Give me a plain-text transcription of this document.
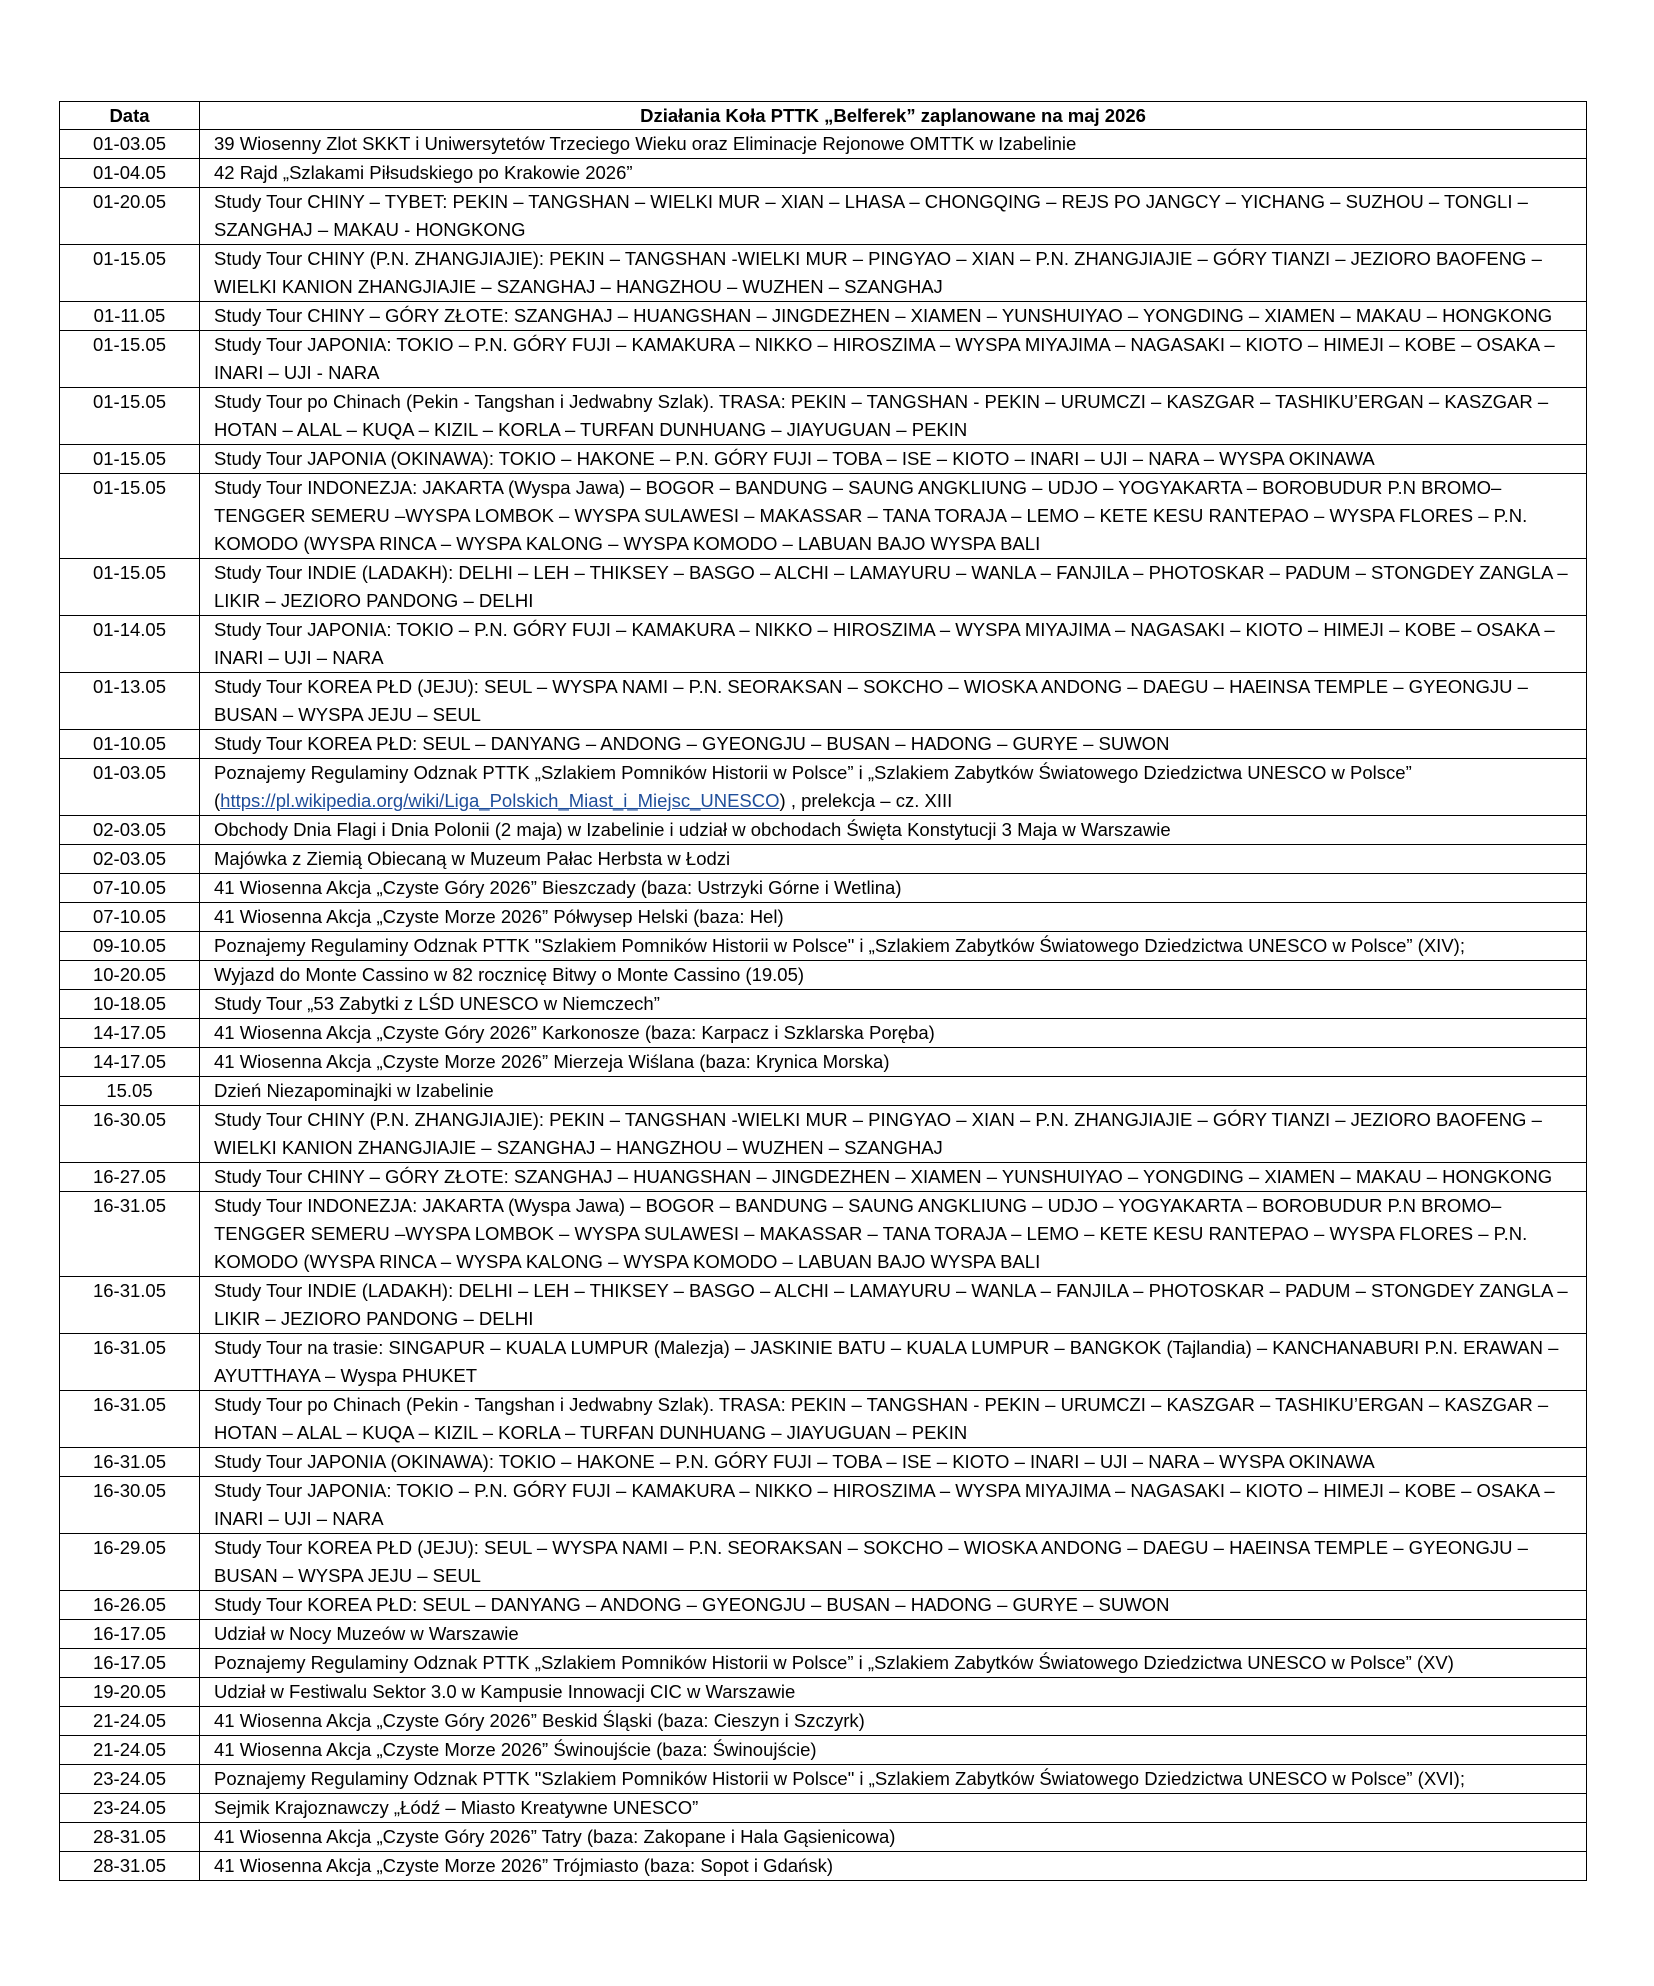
Data	Działania Koła PTTK „Belferek” zaplanowane na maj 2026
01-03.05	39 Wiosenny Zlot SKKT i Uniwersytetów Trzeciego Wieku oraz Eliminacje Rejonowe OMTTK w Izabelinie
01-04.05	42 Rajd „Szlakami Piłsudskiego po Krakowie 2026”
01-20.05	Study Tour CHINY – TYBET: PEKIN – TANGSHAN – WIELKI MUR – XIAN – LHASA – CHONGQING – REJS PO JANGCY – YICHANG – SUZHOU – TONGLI – SZANGHAJ – MAKAU - HONGKONG
01-15.05	Study Tour CHINY (P.N. ZHANGJIAJIE): PEKIN – TANGSHAN -WIELKI MUR – PINGYAO – XIAN – P.N. ZHANGJIAJIE – GÓRY TIANZI – JEZIORO BAOFENG – WIELKI KANION ZHANGJIAJIE – SZANGHAJ – HANGZHOU – WUZHEN – SZANGHAJ
01-11.05	Study Tour CHINY – GÓRY ZŁOTE: SZANGHAJ – HUANGSHAN – JINGDEZHEN – XIAMEN – YUNSHUIYAO – YONGDING – XIAMEN – MAKAU – HONGKONG
01-15.05	Study Tour JAPONIA: TOKIO – P.N. GÓRY FUJI – KAMAKURA – NIKKO – HIROSZIMA – WYSPA MIYAJIMA – NAGASAKI – KIOTO – HIMEJI – KOBE – OSAKA – INARI – UJI - NARA
01-15.05	Study Tour po Chinach (Pekin - Tangshan i Jedwabny Szlak). TRASA: PEKIN – TANGSHAN - PEKIN – URUMCZI – KASZGAR – TASHIKU’ERGAN – KASZGAR – HOTAN – ALAL – KUQA – KIZIL – KORLA – TURFAN DUNHUANG – JIAYUGUAN – PEKIN
01-15.05	Study Tour JAPONIA (OKINAWA): TOKIO – HAKONE – P.N. GÓRY FUJI – TOBA – ISE – KIOTO – INARI – UJI – NARA – WYSPA OKINAWA
01-15.05	Study Tour INDONEZJA: JAKARTA (Wyspa Jawa) – BOGOR – BANDUNG – SAUNG ANGKLIUNG – UDJO – YOGYAKARTA – BOROBUDUR P.N BROMO– TENGGER SEMERU –WYSPA LOMBOK – WYSPA SULAWESI – MAKASSAR – TANA TORAJA – LEMO – KETE KESU RANTEPAO – WYSPA FLORES – P.N. KOMODO (WYSPA RINCA – WYSPA KALONG – WYSPA KOMODO – LABUAN BAJO WYSPA BALI
01-15.05	Study Tour INDIE (LADAKH): DELHI – LEH – THIKSEY – BASGO – ALCHI – LAMAYURU – WANLA – FANJILA – PHOTOSKAR – PADUM – STONGDEY ZANGLA – LIKIR – JEZIORO PANDONG – DELHI
01-14.05	Study Tour JAPONIA: TOKIO – P.N. GÓRY FUJI – KAMAKURA – NIKKO – HIROSZIMA – WYSPA MIYAJIMA – NAGASAKI – KIOTO – HIMEJI – KOBE – OSAKA – INARI – UJI – NARA
01-13.05	Study Tour KOREA PŁD (JEJU): SEUL – WYSPA NAMI – P.N. SEORAKSAN – SOKCHO – WIOSKA ANDONG – DAEGU – HAEINSA TEMPLE – GYEONGJU – BUSAN – WYSPA JEJU – SEUL
01-10.05	Study Tour KOREA PŁD: SEUL – DANYANG – ANDONG – GYEONGJU – BUSAN – HADONG – GURYE – SUWON
01-03.05	Poznajemy Regulaminy Odznak PTTK „Szlakiem Pomników Historii w Polsce” i „Szlakiem Zabytków Światowego Dziedzictwa UNESCO w Polsce” (https://pl.wikipedia.org/wiki/Liga_Polskich_Miast_i_Miejsc_UNESCO) , prelekcja – cz. XIII
02-03.05	Obchody Dnia Flagi i Dnia Polonii (2 maja) w Izabelinie i udział w obchodach Święta Konstytucji 3 Maja w Warszawie
02-03.05	Majówka z Ziemią Obiecaną w Muzeum Pałac Herbsta w Łodzi
07-10.05	41 Wiosenna Akcja „Czyste Góry 2026” Bieszczady (baza: Ustrzyki Górne i Wetlina)
07-10.05	41 Wiosenna Akcja „Czyste Morze 2026” Półwysep Helski (baza: Hel)
09-10.05	Poznajemy Regulaminy Odznak PTTK "Szlakiem Pomników Historii w Polsce" i „Szlakiem Zabytków Światowego Dziedzictwa UNESCO w Polsce” (XIV);
10-20.05	Wyjazd do Monte Cassino w 82 rocznicę Bitwy o Monte Cassino (19.05)
10-18.05	Study Tour „53 Zabytki z LŚD UNESCO w Niemczech”
14-17.05	41 Wiosenna Akcja „Czyste Góry 2026” Karkonosze (baza: Karpacz i Szklarska Poręba)
14-17.05	41 Wiosenna Akcja „Czyste Morze 2026” Mierzeja Wiślana (baza: Krynica Morska)
15.05	Dzień Niezapominajki w Izabelinie
16-30.05	Study Tour CHINY (P.N. ZHANGJIAJIE): PEKIN – TANGSHAN -WIELKI MUR – PINGYAO – XIAN – P.N. ZHANGJIAJIE – GÓRY TIANZI – JEZIORO BAOFENG – WIELKI KANION ZHANGJIAJIE – SZANGHAJ – HANGZHOU – WUZHEN – SZANGHAJ
16-27.05	Study Tour CHINY – GÓRY ZŁOTE: SZANGHAJ – HUANGSHAN – JINGDEZHEN – XIAMEN – YUNSHUIYAO – YONGDING – XIAMEN – MAKAU – HONGKONG
16-31.05	Study Tour INDONEZJA: JAKARTA (Wyspa Jawa) – BOGOR – BANDUNG – SAUNG ANGKLIUNG – UDJO – YOGYAKARTA – BOROBUDUR P.N BROMO– TENGGER SEMERU –WYSPA LOMBOK – WYSPA SULAWESI – MAKASSAR – TANA TORAJA – LEMO – KETE KESU RANTEPAO – WYSPA FLORES – P.N. KOMODO (WYSPA RINCA – WYSPA KALONG – WYSPA KOMODO – LABUAN BAJO WYSPA BALI
16-31.05	Study Tour INDIE (LADAKH): DELHI – LEH – THIKSEY – BASGO – ALCHI – LAMAYURU – WANLA – FANJILA – PHOTOSKAR – PADUM – STONGDEY ZANGLA – LIKIR – JEZIORO PANDONG – DELHI
16-31.05	Study Tour na trasie: SINGAPUR – KUALA LUMPUR (Malezja) – JASKINIE BATU – KUALA LUMPUR – BANGKOK (Tajlandia) – KANCHANABURI P.N. ERAWAN – AYUTTHAYA – Wyspa PHUKET
16-31.05	Study Tour po Chinach (Pekin - Tangshan i Jedwabny Szlak). TRASA: PEKIN – TANGSHAN - PEKIN – URUMCZI – KASZGAR – TASHIKU’ERGAN – KASZGAR – HOTAN – ALAL – KUQA – KIZIL – KORLA – TURFAN DUNHUANG – JIAYUGUAN – PEKIN
16-31.05	Study Tour JAPONIA (OKINAWA): TOKIO – HAKONE – P.N. GÓRY FUJI – TOBA – ISE – KIOTO – INARI – UJI – NARA – WYSPA OKINAWA
16-30.05	Study Tour JAPONIA: TOKIO – P.N. GÓRY FUJI – KAMAKURA – NIKKO – HIROSZIMA – WYSPA MIYAJIMA – NAGASAKI – KIOTO – HIMEJI – KOBE – OSAKA – INARI – UJI – NARA
16-29.05	Study Tour KOREA PŁD (JEJU): SEUL – WYSPA NAMI – P.N. SEORAKSAN – SOKCHO – WIOSKA ANDONG – DAEGU – HAEINSA TEMPLE – GYEONGJU – BUSAN – WYSPA JEJU – SEUL
16-26.05	Study Tour KOREA PŁD: SEUL – DANYANG – ANDONG – GYEONGJU – BUSAN – HADONG – GURYE – SUWON
16-17.05	Udział w Nocy Muzeów w Warszawie
16-17.05	Poznajemy Regulaminy Odznak PTTK „Szlakiem Pomników Historii w Polsce” i „Szlakiem Zabytków Światowego Dziedzictwa UNESCO w Polsce” (XV)
19-20.05	Udział w Festiwalu Sektor 3.0 w Kampusie Innowacji CIC w Warszawie
21-24.05	41 Wiosenna Akcja „Czyste Góry 2026” Beskid Śląski (baza: Cieszyn i Szczyrk)
21-24.05	41 Wiosenna Akcja „Czyste Morze 2026” Świnoujście (baza: Świnoujście)
23-24.05	Poznajemy Regulaminy Odznak PTTK "Szlakiem Pomników Historii w Polsce" i „Szlakiem Zabytków Światowego Dziedzictwa UNESCO w Polsce” (XVI);
23-24.05	Sejmik Krajoznawczy „Łódź – Miasto Kreatywne UNESCO”
28-31.05	41 Wiosenna Akcja „Czyste Góry 2026” Tatry (baza: Zakopane i Hala Gąsienicowa)
28-31.05	41 Wiosenna Akcja „Czyste Morze 2026” Trójmiasto (baza: Sopot i Gdańsk)
